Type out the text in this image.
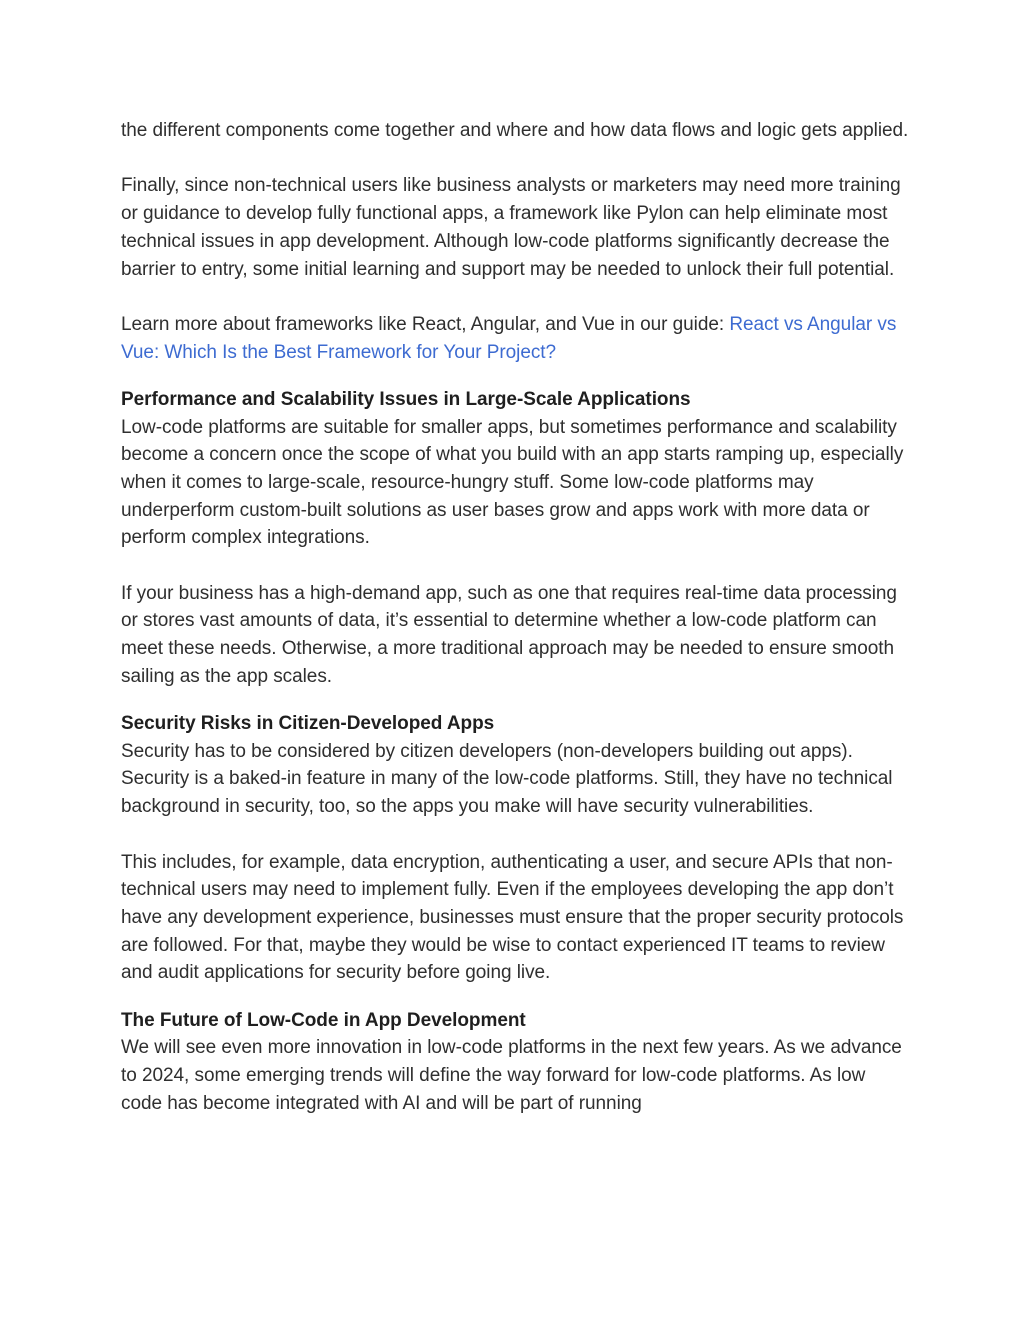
the different components come together and where and how data flows and logic gets applied.

Finally, since non-technical users like business analysts or marketers may need more training or guidance to develop fully functional apps, a framework like Pylon can help eliminate most technical issues in app development. Although low-code platforms significantly decrease the barrier to entry, some initial learning and support may be needed to unlock their full potential.

Learn more about frameworks like React, Angular, and Vue in our guide: React vs Angular vs Vue: Which Is the Best Framework for Your Project?

Performance and Scalability Issues in Large-Scale Applications

Low-code platforms are suitable for smaller apps, but sometimes performance and scalability become a concern once the scope of what you build with an app starts ramping up, especially when it comes to large-scale, resource-hungry stuff. Some low-code platforms may underperform custom-built solutions as user bases grow and apps work with more data or perform complex integrations.

If your business has a high-demand app, such as one that requires real-time data processing or stores vast amounts of data, it’s essential to determine whether a low-code platform can meet these needs. Otherwise, a more traditional approach may be needed to ensure smooth sailing as the app scales.

Security Risks in Citizen-Developed Apps

Security has to be considered by citizen developers (non-developers building out apps). Security is a baked-in feature in many of the low-code platforms. Still, they have no technical background in security, too, so the apps you make will have security vulnerabilities.

This includes, for example, data encryption, authenticating a user, and secure APIs that non-technical users may need to implement fully. Even if the employees developing the app don’t have any development experience, businesses must ensure that the proper security protocols are followed. For that, maybe they would be wise to contact experienced IT teams to review and audit applications for security before going live.

The Future of Low-Code in App Development

We will see even more innovation in low-code platforms in the next few years. As we advance to 2024, some emerging trends will define the way forward for low-code platforms. As low code has become integrated with AI and will be part of running
